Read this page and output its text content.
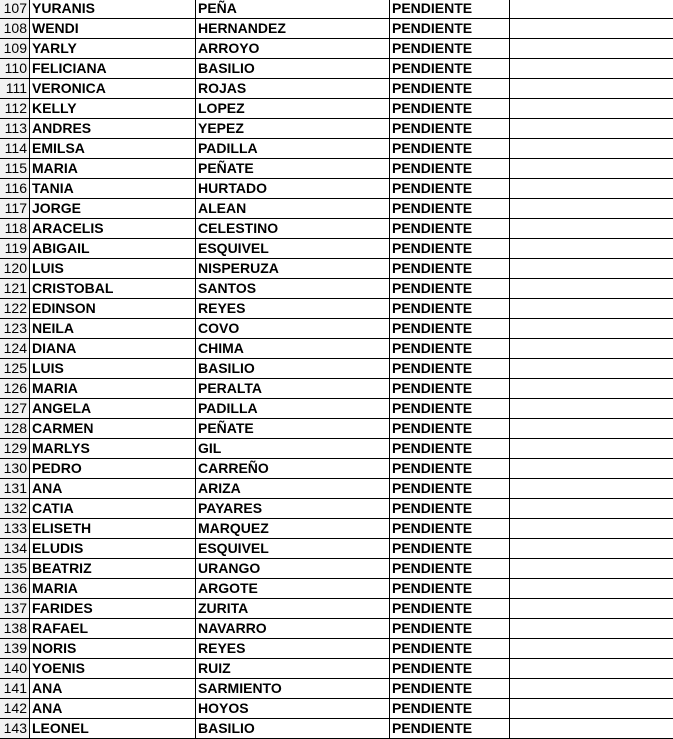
107 YURANIS	PEÑA	PENDIENTE
108 WENDI	HERNANDEZ	PENDIENTE
109 YARLY	ARROYO	PENDIENTE
110 FELICIANA	BASILIO	PENDIENTE
111 VERONICA	ROJAS	PENDIENTE
112 KELLY	LOPEZ	PENDIENTE
113 ANDRES	YEPEZ	PENDIENTE
114 EMILSA	PADILLA	PENDIENTE
115 MARIA	PEÑATE	PENDIENTE
116 TANIA	HURTADO	PENDIENTE
117 JORGE	ALEAN	PENDIENTE
118 ARACELIS	CELESTINO	PENDIENTE
119 ABIGAIL	ESQUIVEL	PENDIENTE
120 LUIS	NISPERUZA	PENDIENTE
121 CRISTOBAL	SANTOS	PENDIENTE
122 EDINSON	REYES	PENDIENTE
123 NEILA	COVO	PENDIENTE
124 DIANA	CHIMA	PENDIENTE
125 LUIS	BASILIO	PENDIENTE
126 MARIA	PERALTA	PENDIENTE
127 ANGELA	PADILLA	PENDIENTE
128 CARMEN	PEÑATE	PENDIENTE
129 MARLYS	GIL	PENDIENTE
130 PEDRO	CARREÑO	PENDIENTE
131 ANA	ARIZA	PENDIENTE
132 CATIA	PAYARES	PENDIENTE
133 ELISETH	MARQUEZ	PENDIENTE
134 ELUDIS	ESQUIVEL	PENDIENTE
135 BEATRIZ	URANGO	PENDIENTE
136 MARIA	ARGOTE	PENDIENTE
137 FARIDES	ZURITA	PENDIENTE
138 RAFAEL	NAVARRO	PENDIENTE
139 NORIS	REYES	PENDIENTE
140 YOENIS	RUIZ	PENDIENTE
141 ANA	SARMIENTO	PENDIENTE
142 ANA	HOYOS	PENDIENTE
143 LEONEL	BASILIO	PENDIENTE
